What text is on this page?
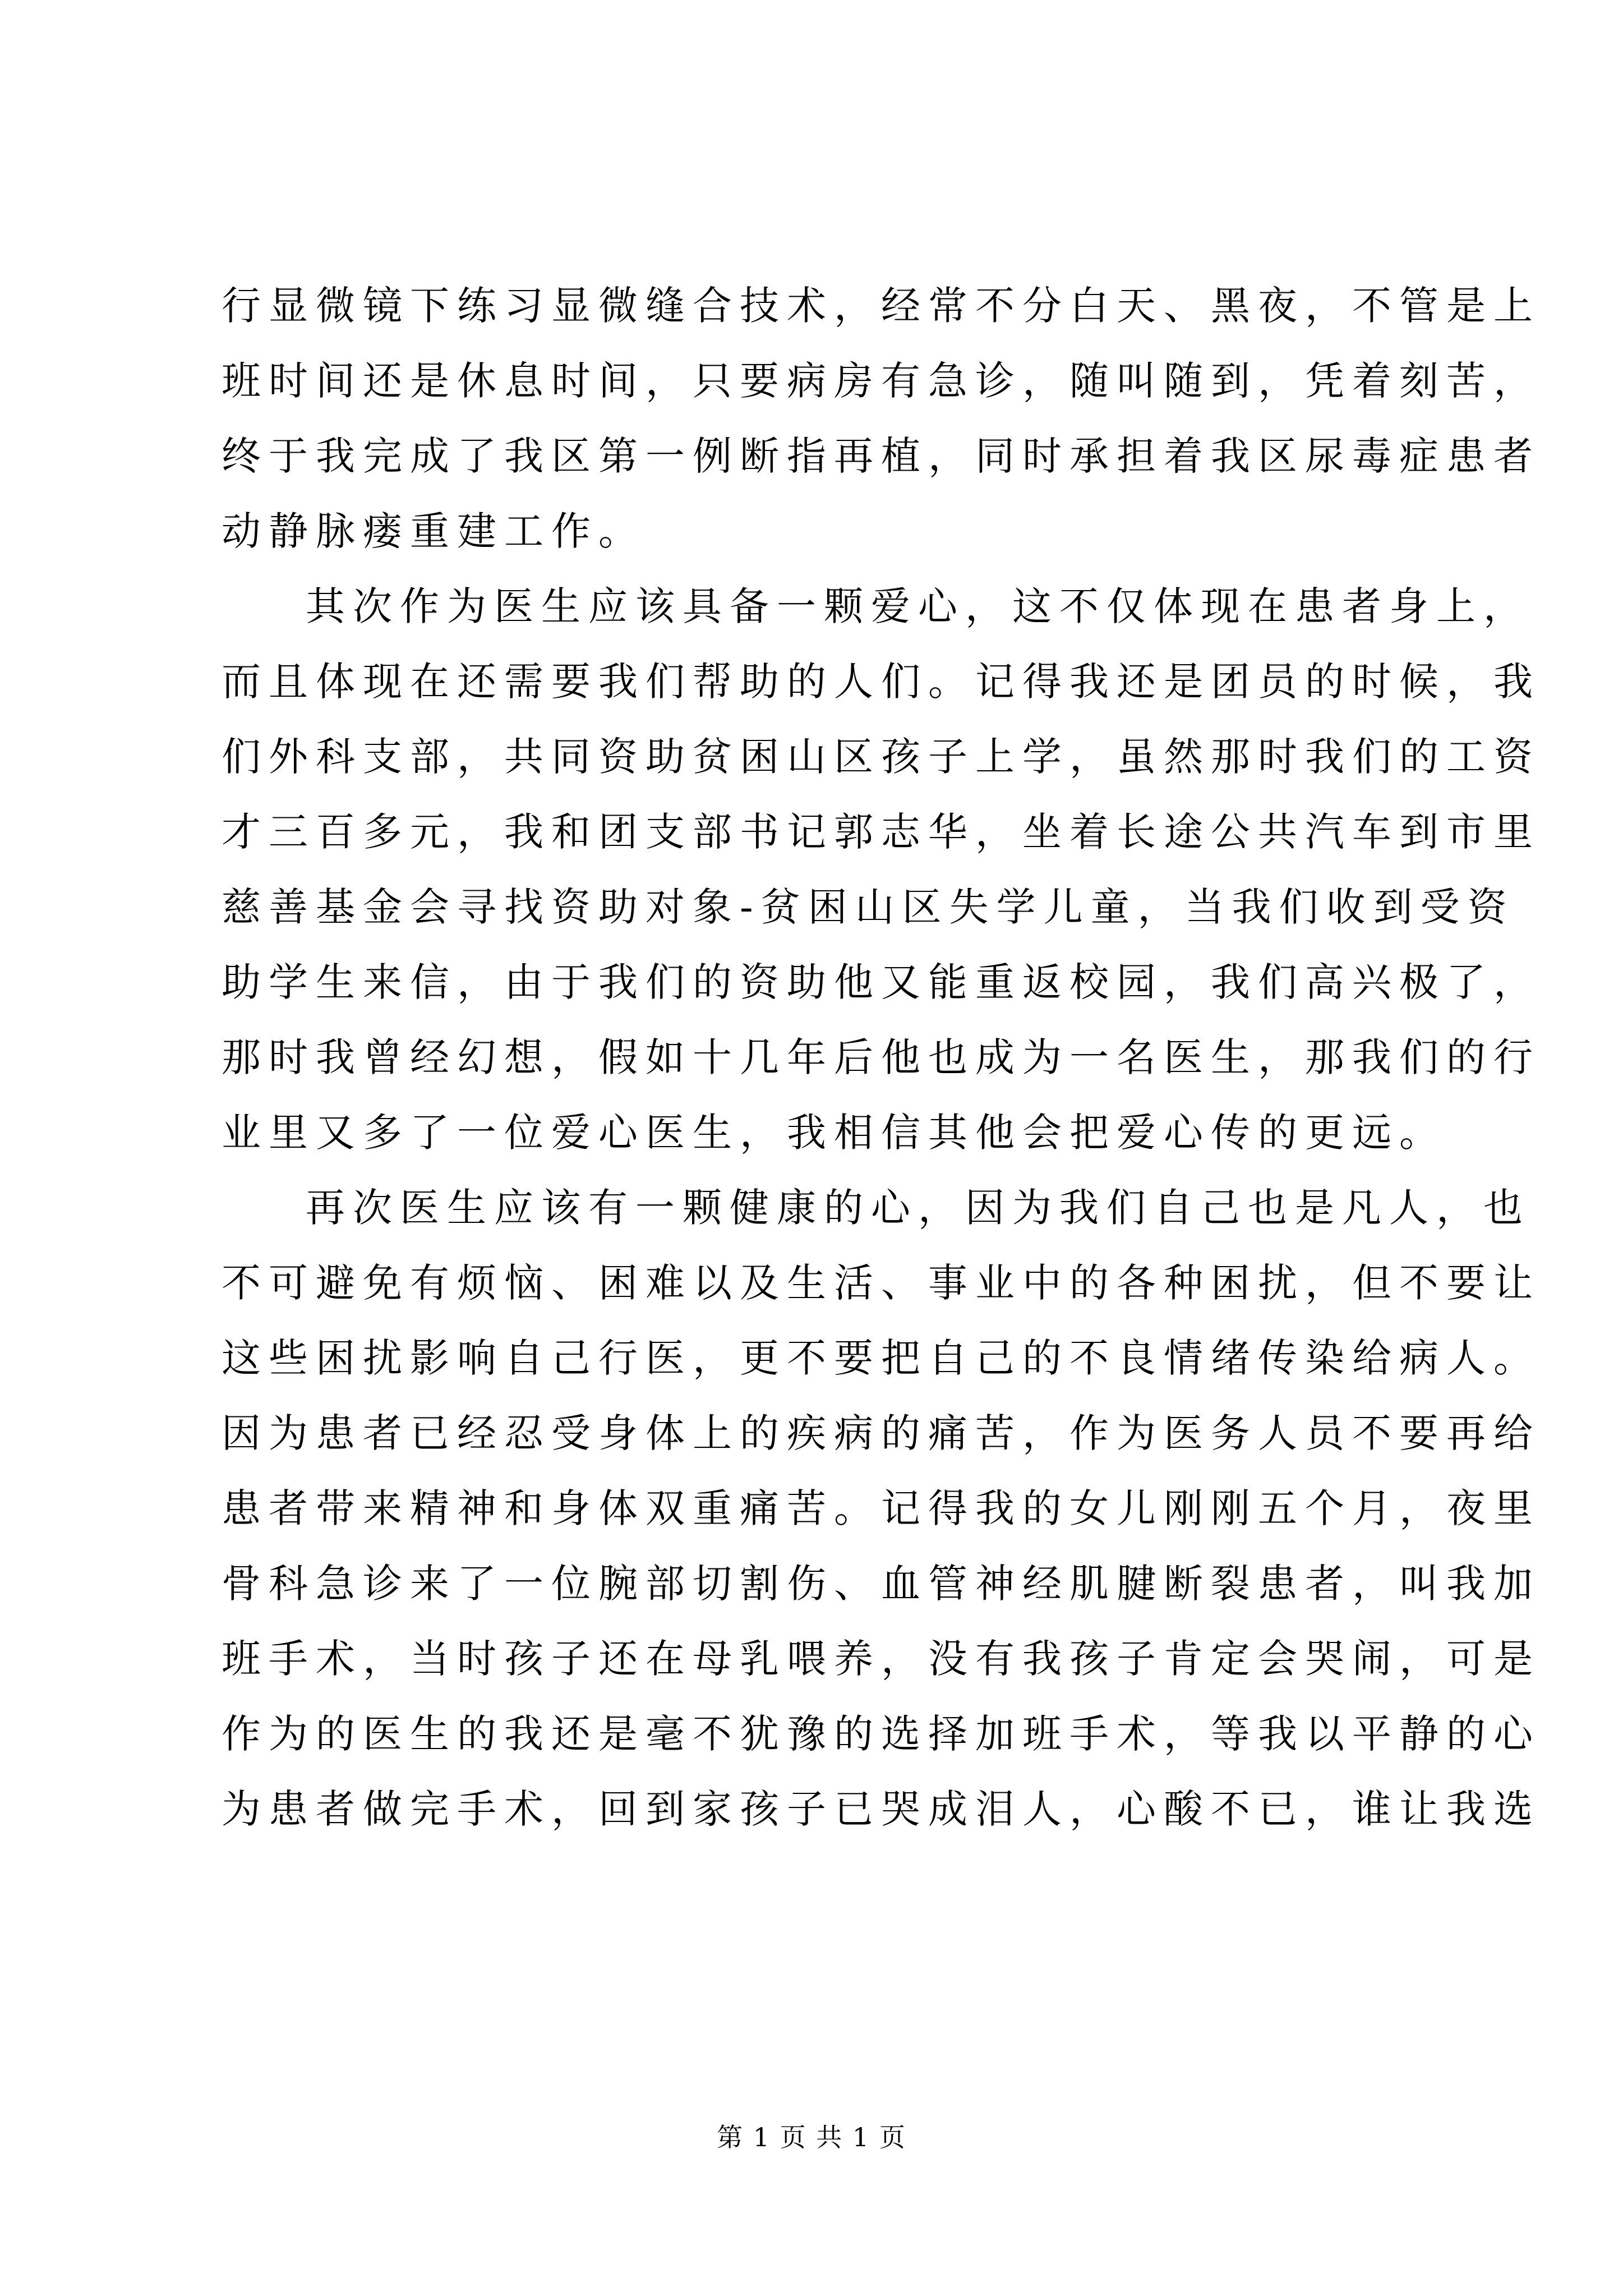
行显微镜下练习显微缝合技术，经常不分白天、黑夜，不管是上
班时间还是休息时间，只要病房有急诊，随叫随到，凭着刻苦，
终于我完成了我区第一例断指再植，同时承担着我区尿毒症患者
动静脉瘘重建工作。
其次作为医生应该具备一颗爱心，这不仅体现在患者身上，
而且体现在还需要我们帮助的人们。记得我还是团员的时候，我
们外科支部，共同资助贫困山区孩子上学，虽然那时我们的工资
才三百多元，我和团支部书记郭志华，坐着长途公共汽车到市里
慈善基金会寻找资助对象-贫困山区失学儿童，当我们收到受资
助学生来信，由于我们的资助他又能重返校园，我们高兴极了，
那时我曾经幻想，假如十几年后他也成为一名医生，那我们的行
业里又多了一位爱心医生，我相信其他会把爱心传的更远。
再次医生应该有一颗健康的心，因为我们自己也是凡人，也
不可避免有烦恼、困难以及生活、事业中的各种困扰，但不要让
这些困扰影响自己行医，更不要把自己的不良情绪传染给病人。
因为患者已经忍受身体上的疾病的痛苦，作为医务人员不要再给
患者带来精神和身体双重痛苦。记得我的女儿刚刚五个月，夜里
骨科急诊来了一位腕部切割伤、血管神经肌腱断裂患者，叫我加
班手术，当时孩子还在母乳喂养，没有我孩子肯定会哭闹，可是
作为的医生的我还是毫不犹豫的选择加班手术，等我以平静的心
为患者做完手术，回到家孩子已哭成泪人，心酸不已，谁让我选
第 1 页 共 1 页
